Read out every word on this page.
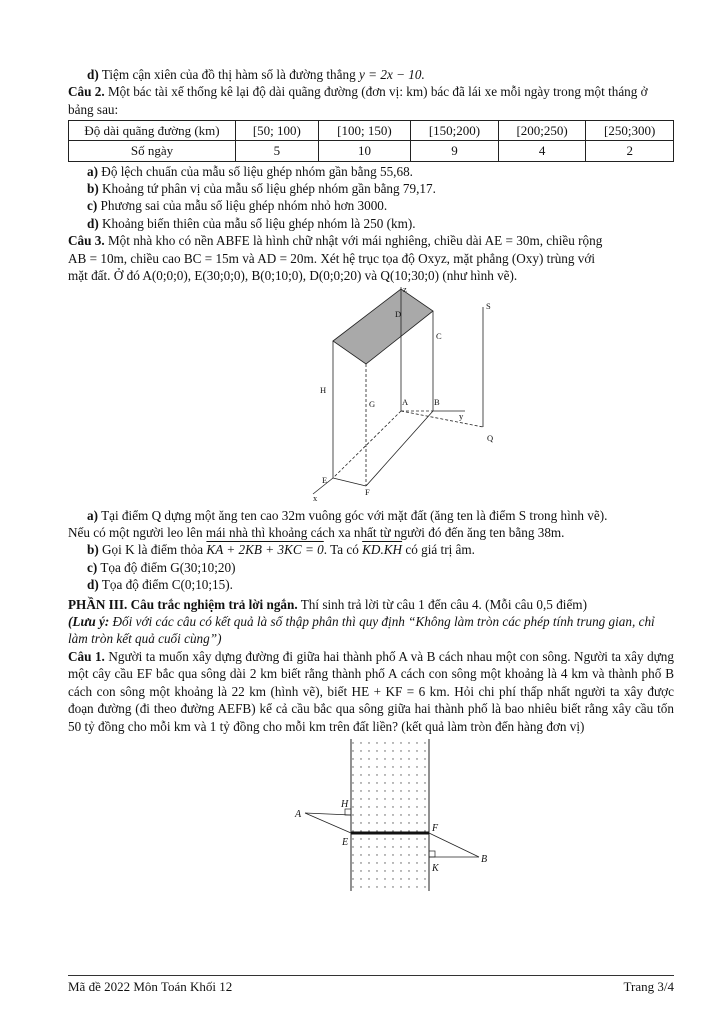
d) Tiệm cận xiên của đồ thị hàm số là đường thẳng y = 2x − 10.

Câu 2. Một bác tài xế thống kê lại độ dài quãng đường (đơn vị: km) bác đã lái xe mỗi ngày trong một tháng ở bảng sau:

Độ dài quãng đường (km)	[50; 100)	[100; 150)	[150;200)	[200;250)	[250;300)
Số ngày	5	10	9	4	2

a) Độ lệch chuẩn của mẫu số liệu ghép nhóm gần bằng 55,68.

b) Khoảng tứ phân vị của mẫu số liệu ghép nhóm gần bằng 79,17.

c) Phương sai của mẫu số liệu ghép nhóm nhỏ hơn 3000.

d) Khoảng biến thiên của mẫu số liệu ghép nhóm là 250 (km).

Câu 3. Một nhà kho có nền ABFE là hình chữ nhật với mái nghiêng, chiều dài AE = 30m, chiều rộng

AB = 10m, chiều cao BC = 15m và AD = 20m. Xét hệ trục tọa độ Oxyz, mặt phẳng (Oxy) trùng với

mặt đất. Ở đó A(0;0;0), E(30;0;0), B(0;10;0), D(0;0;20) và Q(10;30;0) (như hình vẽ).

z
S
D
C
H
G	A	B
y
Q
E
F
x

a) Tại điểm Q dựng một ăng ten cao 32m vuông góc với mặt đất (ăng ten là điểm S trong hình vẽ).

Nếu có một người leo lên mái nhà thì khoảng cách xa nhất từ người đó đến ăng ten bằng 38m.

b) Gọi K là điểm thỏa KA + 2KB + 3KC = 0. Ta có KD.KH có giá trị âm.

c) Tọa độ điểm G(30;10;20)

d) Tọa độ điểm C(0;10;15).

PHẦN III. Câu trắc nghiệm trả lời ngắn. Thí sinh trả lời từ câu 1 đến câu 4. (Mỗi câu 0,5 điểm)

(Lưu ý: Đối với các câu có kết quả là số thập phân thì quy định “Không làm tròn các phép tính trung gian, chỉ làm tròn kết quả cuối cùng”)

Câu 1. Người ta muốn xây dựng đường đi giữa hai thành phố A và B cách nhau một con sông. Người ta xây dựng một cây cầu EF bắc qua sông dài 2 km biết rằng thành phố A cách con sông một khoảng là 4 km và thành phố B cách con sông một khoảng là 22 km (hình vẽ), biết HE + KF = 6 km. Hỏi chi phí thấp nhất người ta xây được đoạn đường (đi theo đường AEFB) kể cả cầu bắc qua sông giữa hai thành phố là bao nhiêu biết rằng xây cầu tốn 50 tỷ đồng cho mỗi km và 1 tỷ đồng cho mỗi km trên đất liền? (kết quả làm tròn đến hàng đơn vị)

A
H
E
F
K
B
Mã đề 2022 Môn Toán Khối 12	Trang 3/4
